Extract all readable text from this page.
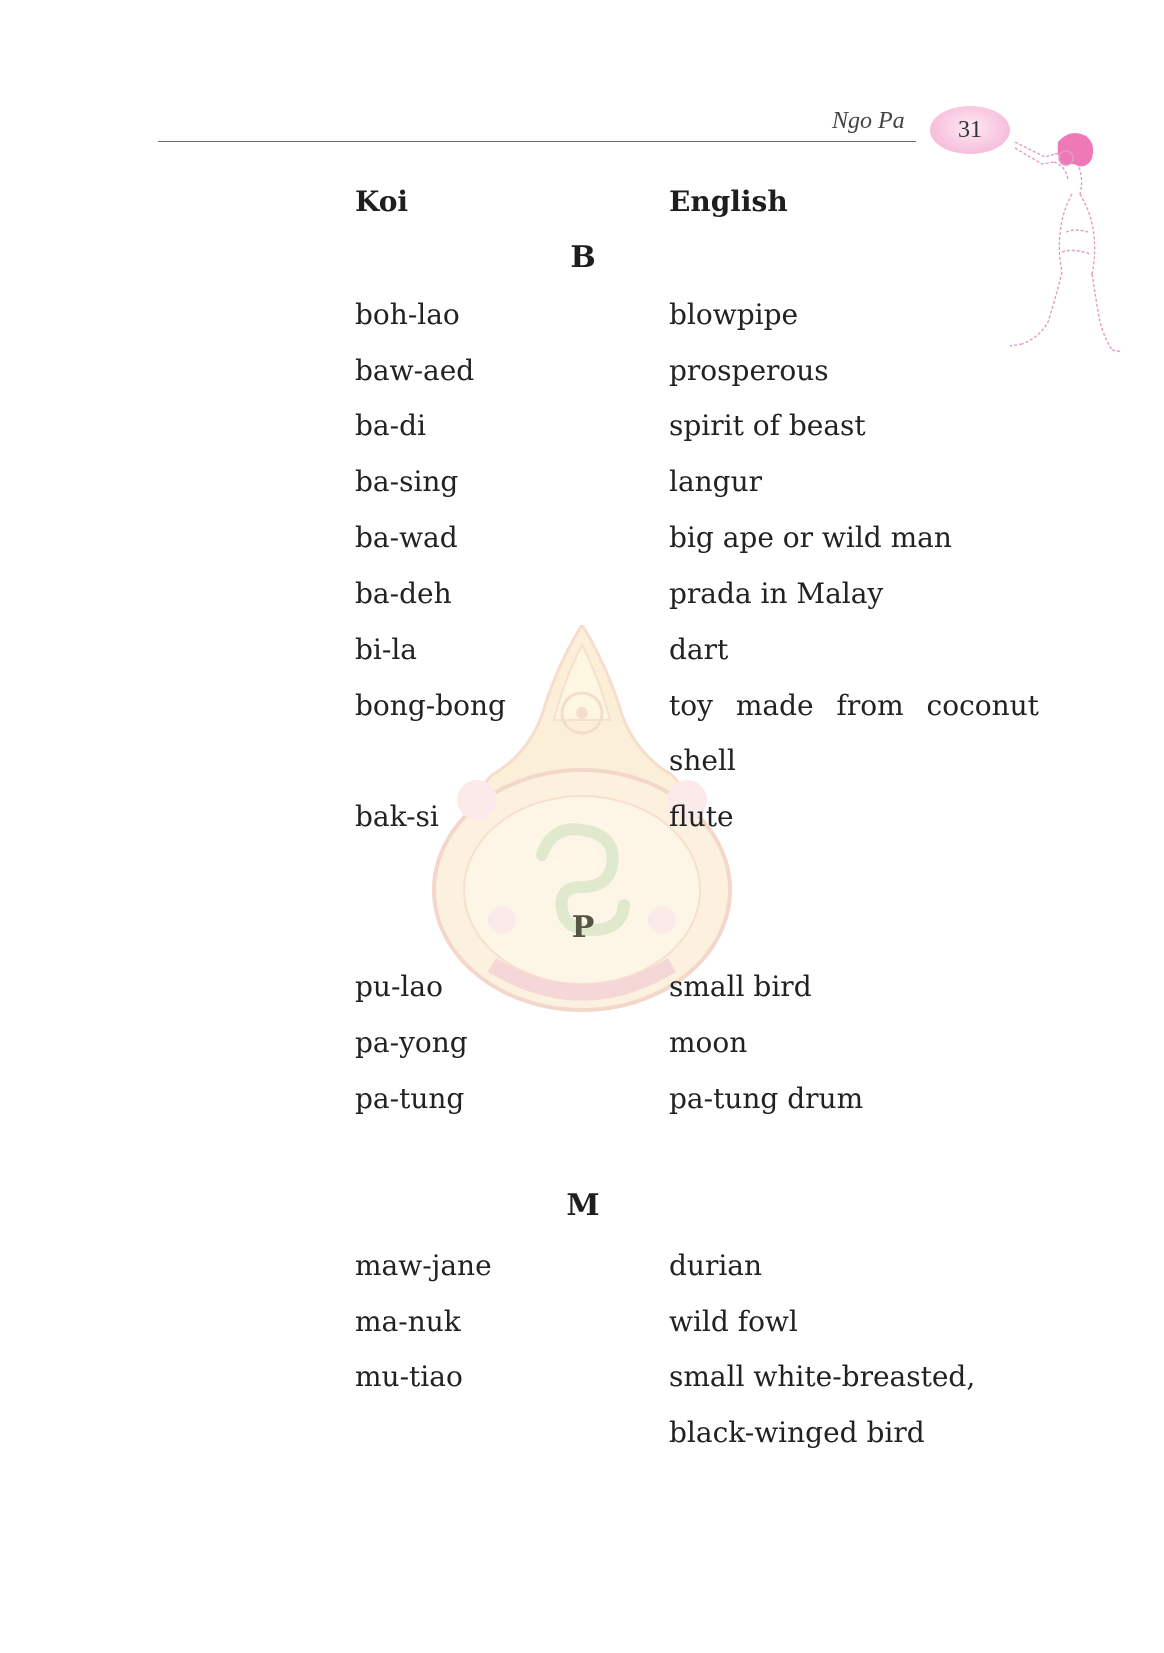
Ngo Pa 31
Koi	English
B
boh-lao	blowpipe
baw-aed	prosperous
ba-di	spirit of beast
ba-sing	langur
ba-wad	big ape or wild man
ba-deh	prada in Malay
bi-la	dart
bong-bong	toy made from coconut
shell
bak-si	flute
P
pu-lao	small bird
pa-yong	moon
pa-tung	pa-tung drum
M
maw-jane	durian
ma-nuk	wild fowl
mu-tiao	small white-breasted,
black-winged bird
